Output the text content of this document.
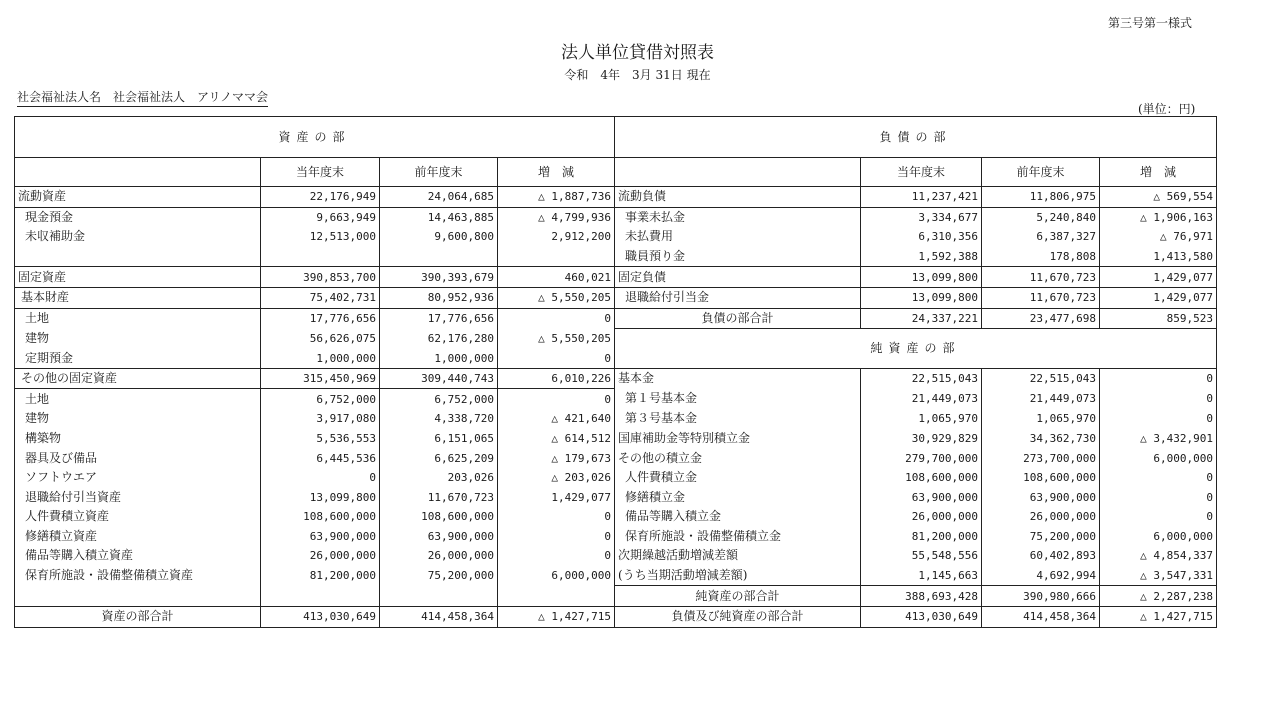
第三号第一様式
法人単位貸借対照表
令和　4年　3月 31日 現在
社会福祉法人名　社会福祉法人　アリノママ会
(単位：円)
資産の部				負債の部			
	当年度末	前年度末	増　減		当年度末	前年度末	増　減
流動資産	22,176,949	24,064,685	△ 1,887,736	流動負債	11,237,421	11,806,975	△ 569,554
現金預金	9,663,949	14,463,885	△ 4,799,936	事業未払金	3,334,677	5,240,840	△ 1,906,163
未収補助金	12,513,000	9,600,800	2,912,200	未払費用	6,310,356	6,387,327	△ 76,971
				職員預り金	1,592,388	178,808	1,413,580
固定資産	390,853,700	390,393,679	460,021	固定負債	13,099,800	11,670,723	1,429,077
基本財産	75,402,731	80,952,936	△ 5,550,205	退職給付引当金	13,099,800	11,670,723	1,429,077
土地	17,776,656	17,776,656	0	負債の部合計	24,337,221	23,477,698	859,523
建物	56,626,075	62,176,280	△ 5,550,205	純資産の部			
定期預金	1,000,000	1,000,000	0				
その他の固定資産	315,450,969	309,440,743	6,010,226	基本金	22,515,043	22,515,043	0
土地	6,752,000	6,752,000	0	第１号基本金	21,449,073	21,449,073	0
建物	3,917,080	4,338,720	△ 421,640	第３号基本金	1,065,970	1,065,970	0
構築物	5,536,553	6,151,065	△ 614,512	国庫補助金等特別積立金	30,929,829	34,362,730	△ 3,432,901
器具及び備品	6,445,536	6,625,209	△ 179,673	その他の積立金	279,700,000	273,700,000	6,000,000
ソフトウエア	0	203,026	△ 203,026	人件費積立金	108,600,000	108,600,000	0
退職給付引当資産	13,099,800	11,670,723	1,429,077	修繕積立金	63,900,000	63,900,000	0
人件費積立資産	108,600,000	108,600,000	0	備品等購入積立金	26,000,000	26,000,000	0
修繕積立資産	63,900,000	63,900,000	0	保育所施設・設備整備積立金	81,200,000	75,200,000	6,000,000
備品等購入積立資産	26,000,000	26,000,000	0	次期繰越活動増減差額	55,548,556	60,402,893	△ 4,854,337
保育所施設・設備整備積立資産	81,200,000	75,200,000	6,000,000	(うち当期活動増減差額)	1,145,663	4,692,994	△ 3,547,331
				純資産の部合計	388,693,428	390,980,666	△ 2,287,238
資産の部合計	413,030,649	414,458,364	△ 1,427,715	負債及び純資産の部合計	413,030,649	414,458,364	△ 1,427,715
